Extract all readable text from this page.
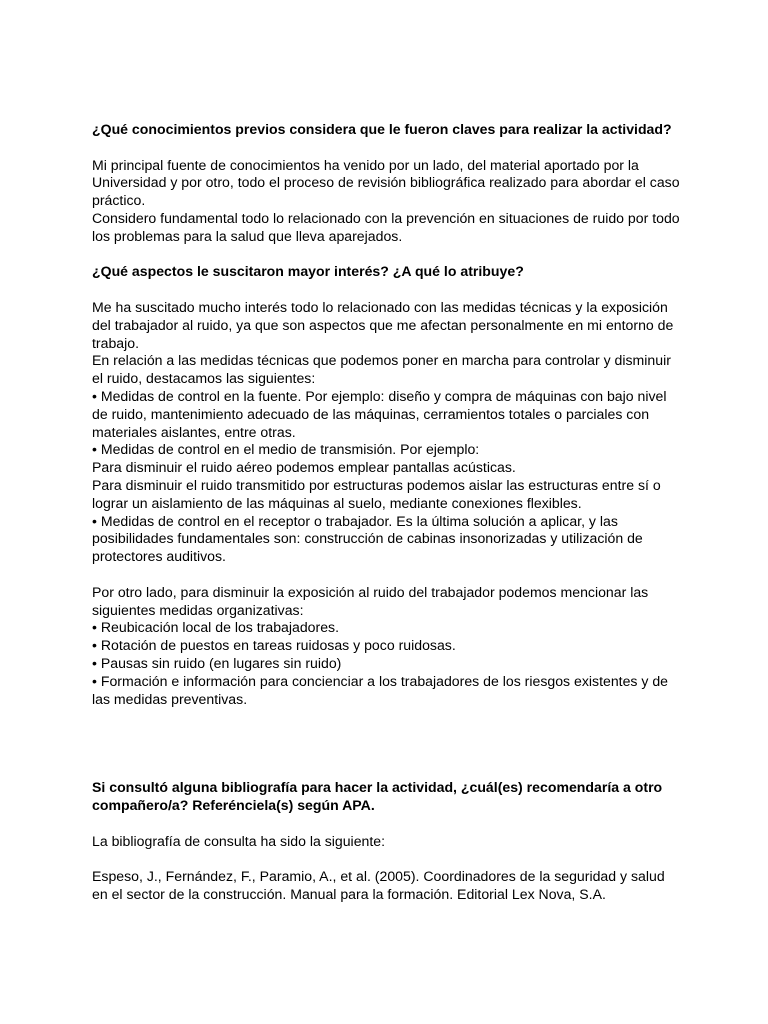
¿Qué conocimientos previos considera que le fueron claves para realizar la actividad?

Mi principal fuente de conocimientos ha venido por un lado, del material aportado por la Universidad y por otro, todo el proceso de revisión bibliográfica realizado para abordar el caso práctico.

Considero fundamental todo lo relacionado con la prevención en situaciones de ruido por todo los problemas para la salud que lleva aparejados.

¿Qué aspectos le suscitaron mayor interés? ¿A qué lo atribuye?

Me ha suscitado mucho interés todo lo relacionado con las medidas técnicas y la exposición del trabajador al ruido, ya que son aspectos que me afectan personalmente en mi entorno de trabajo.

En relación a las medidas técnicas que podemos poner en marcha para controlar y disminuir el ruido, destacamos las siguientes:

• Medidas de control en la fuente. Por ejemplo: diseño y compra de máquinas con bajo nivel de ruido, mantenimiento adecuado de las máquinas, cerramientos totales o parciales con materiales aislantes, entre otras.

• Medidas de control en el medio de transmisión. Por ejemplo:

Para disminuir el ruido aéreo podemos emplear pantallas acústicas.

Para disminuir el ruido transmitido por estructuras podemos aislar las estructuras entre sí o lograr un aislamiento de las máquinas al suelo, mediante conexiones flexibles.

• Medidas de control en el receptor o trabajador. Es la última solución a aplicar, y las posibilidades fundamentales son: construcción de cabinas insonorizadas y utilización de protectores auditivos.

Por otro lado, para disminuir la exposición al ruido del trabajador podemos mencionar las siguientes medidas organizativas:

• Reubicación local de los trabajadores.

• Rotación de puestos en tareas ruidosas y poco ruidosas.

• Pausas sin ruido (en lugares sin ruido)

• Formación e información para concienciar a los trabajadores de los riesgos existentes y de las medidas preventivas.

Si consultó alguna bibliografía para hacer la actividad, ¿cuál(es) recomendaría a otro compañero/a? Referénciela(s) según APA.

La bibliografía de consulta ha sido la siguiente:

Espeso, J., Fernández, F., Paramio, A., et al. (2005). Coordinadores de la seguridad y salud en el sector de la construcción. Manual para la formación. Editorial Lex Nova, S.A.
